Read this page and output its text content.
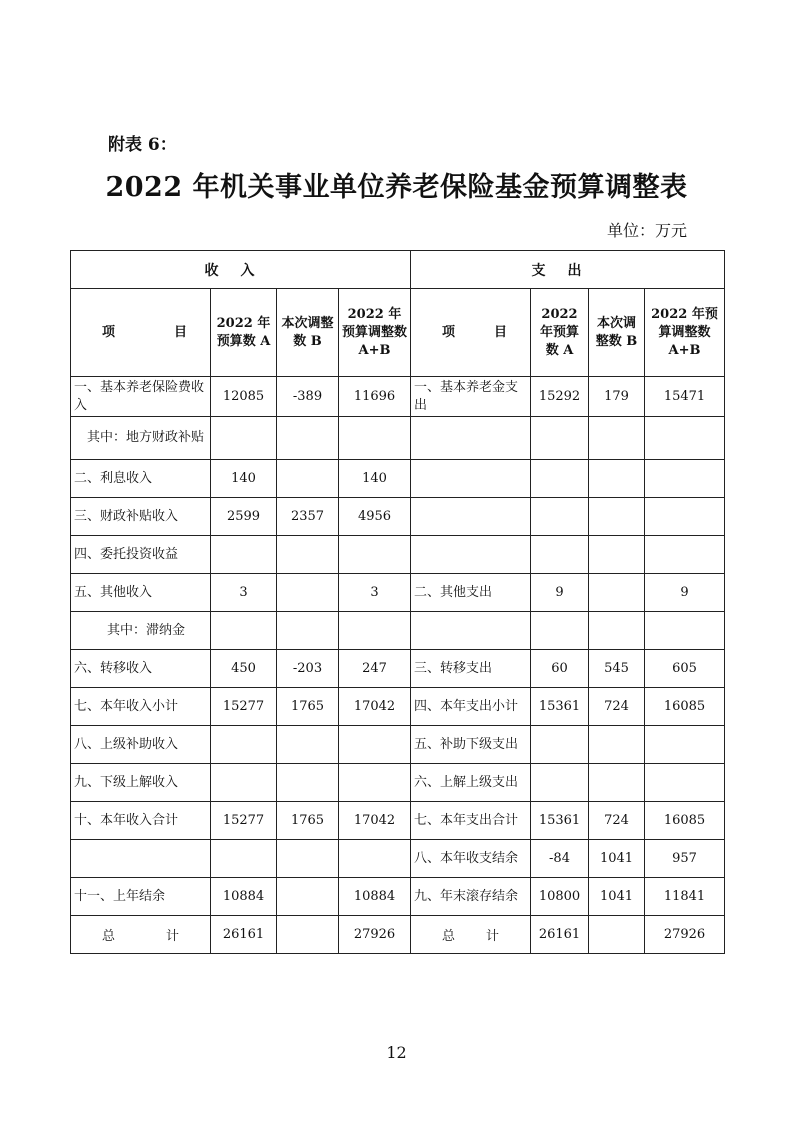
附表 6：
2022 年机关事业单位养老保险基金预算调整表
单位：万元
收入				支出			

项 目	2022 年预算数 A	本次调整数 B	2022 年预算调整数 A+B	项 目	2022 年预算数 A	本次调整数 B	2022 年预算调整数 A+B
一、基本养老保险费收入	12085	-389	11696	一、基本养老金支出	15292	179	15471
其中：地方财政补贴							
二、利息收入	140		140				
三、财政补贴收入	2599	2357	4956				
四、委托投资收益							
五、其他收入	3		3	二、其他支出	9		9
其中：滞纳金							
六、转移收入	450	-203	247	三、转移支出	60	545	605
七、本年收入小计	15277	1765	17042	四、本年支出小计	15361	724	16085
八、上级补助收入				五、补助下级支出			
九、下级上解收入				六、上解上级支出			
十、本年收入合计	15277	1765	17042	七、本年支出合计	15361	724	16085
				八、本年收支结余	-84	1041	957
十一、上年结余	10884		10884	九、年末滚存结余	10800	1041	11841

总 计	26161		27926	总 计	26161		27926
12
